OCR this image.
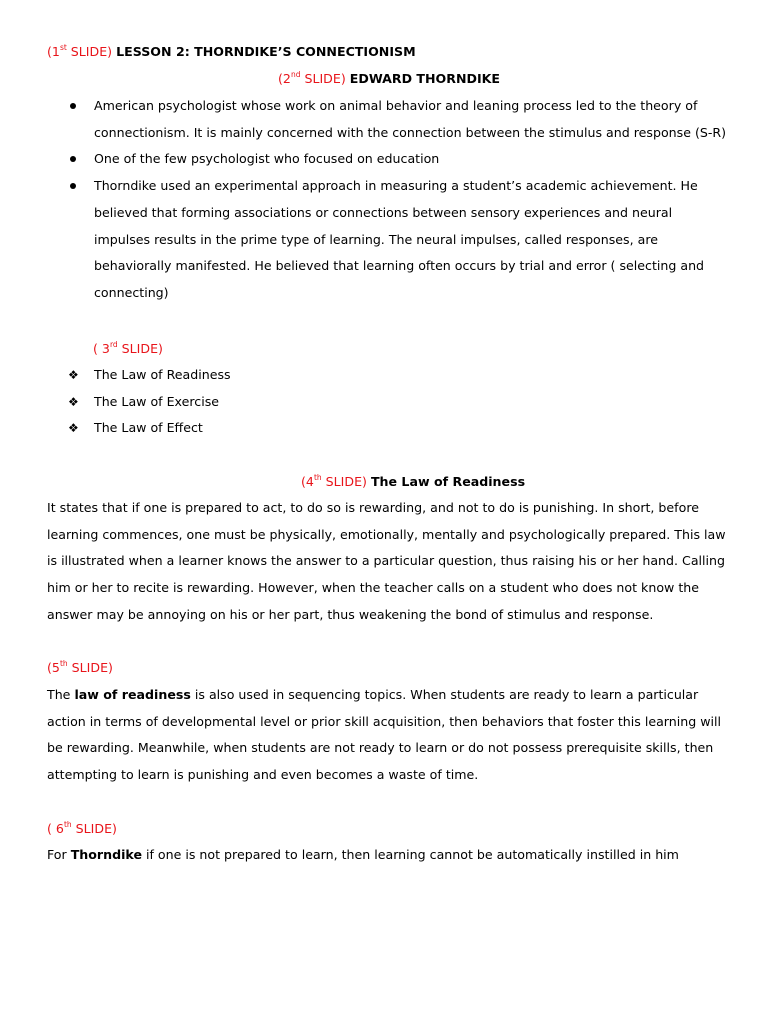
(1st SLIDE) LESSON 2: THORNDIKE’S CONNECTIONISM
(2nd SLIDE) EDWARD THORNDIKE
American psychologist whose work on animal behavior and leaning process led to the theory of connectionism. It is mainly concerned with the connection between the stimulus and response (S-R)
One of the few psychologist who focused on education
Thorndike used an experimental approach in measuring a student’s academic achievement. He believed that forming associations or connections between sensory experiences and neural impulses results in the prime type of learning. The neural impulses, called responses, are behaviorally manifested. He believed that learning often occurs by trial and error ( selecting and connecting)
( 3rd SLIDE)
❖ The Law of Readiness
❖ The Law of Exercise
❖ The Law of Effect
(4th SLIDE) The Law of Readiness
It states that if one is prepared to act, to do so is rewarding, and not to do is punishing. In short, before learning commences, one must be physically, emotionally, mentally and psychologically prepared. This law is illustrated when a learner knows the answer to a particular question, thus raising his or her hand. Calling him or her to recite is rewarding. However, when the teacher calls on a student who does not know the answer may be annoying on his or her part, thus weakening the bond of stimulus and response.
(5th SLIDE)
The law of readiness is also used in sequencing topics. When students are ready to learn a particular action in terms of developmental level or prior skill acquisition, then behaviors that foster this learning will be rewarding. Meanwhile, when students are not ready to learn or do not possess prerequisite skills, then attempting to learn is punishing and even becomes a waste of time.
( 6th SLIDE)
For Thorndike if one is not prepared to learn, then learning cannot be automatically instilled in him
